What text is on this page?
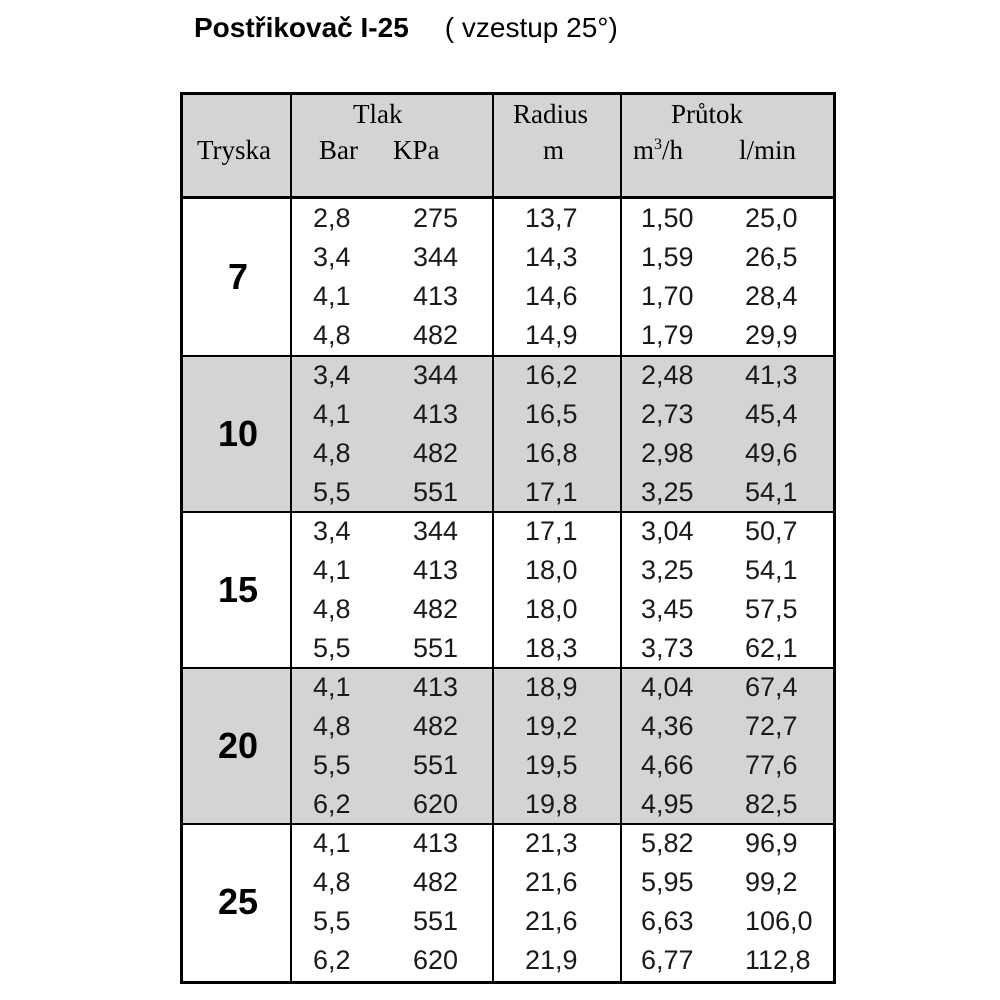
Postřikovač I-25 ( vzestup 25°)
Tryska
Tlak
Bar KPa
Radius
m
Průtok
$m^3/h$ l/min
7
2,8 275 13,7 1,50 25,0
3,4 344 14,3 1,59 26,5
4,1 413 14,6 1,70 28,4
4,8 482 14,9 1,79 29,9
10
3,4 344 16,2 2,48 41,3
4,1 413 16,5 2,73 45,4
4,8 482 16,8 2,98 49,6
5,5 551 17,1 3,25 54,1
15
3,4 344 17,1 3,04 50,7
4,1 413 18,0 3,25 54,1
4,8 482 18,0 3,45 57,5
5,5 551 18,3 3,73 62,1
20
4,1 413 18,9 4,04 67,4
4,8 482 19,2 4,36 72,7
5,5 551 19,5 4,66 77,6
6,2 620 19,8 4,95 82,5
25
4,1 413 21,3 5,82 96,9
4,8 482 21,6 5,95 99,2
5,5 551 21,6 6,63 106,0
6,2 620 21,9 6,77 112,8
